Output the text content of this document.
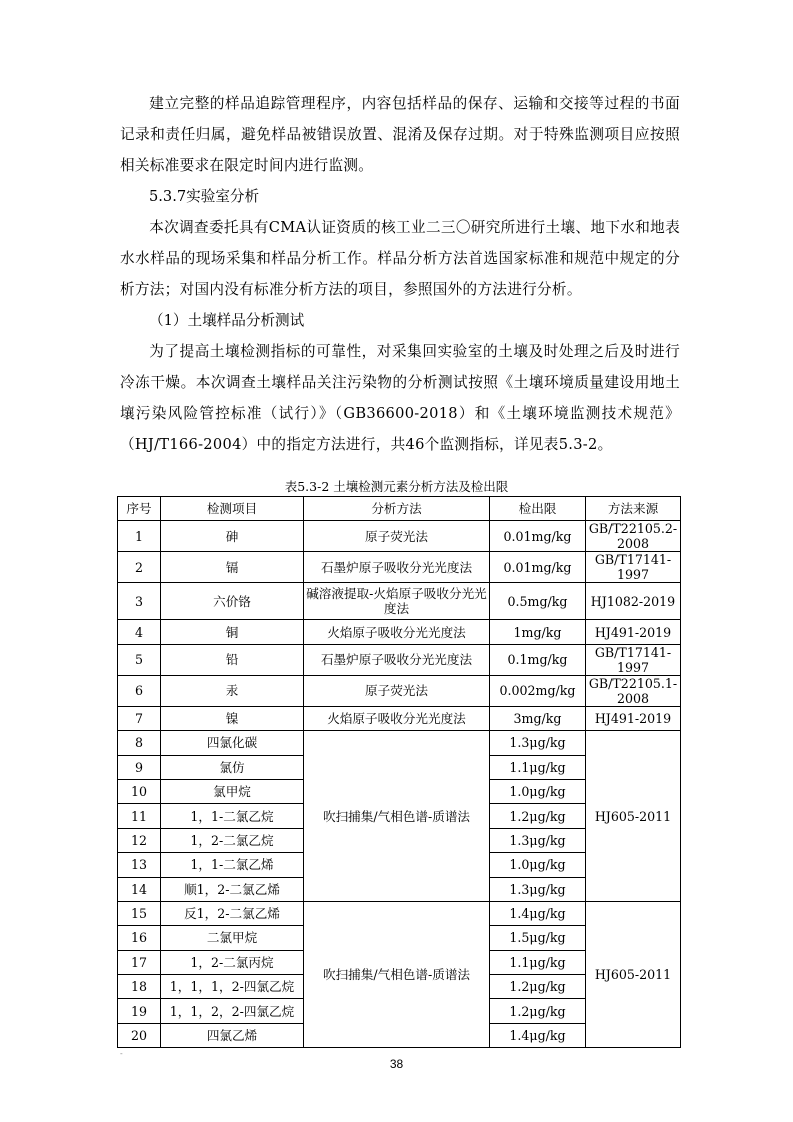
建立完整的样品追踪管理程序，内容包括样品的保存、运输和交接等过程的书面记录和责任归属，避免样品被错误放置、混淆及保存过期。对于特殊监测项目应按照相关标准要求在限定时间内进行监测。

5.3.7实验室分析

本次调查委托具有CMA认证资质的核工业二三〇研究所进行土壤、地下水和地表水水样品的现场采集和样品分析工作。样品分析方法首选国家标准和规范中规定的分析方法；对国内没有标准分析方法的项目，参照国外的方法进行分析。

（1）土壤样品分析测试

为了提高土壤检测指标的可靠性，对采集回实验室的土壤及时处理之后及时进行冷冻干燥。本次调查土壤样品关注污染物的分析测试按照《土壤环境质量建设用地土壤污染风险管控标准（试行）》（GB36600-2018）和《土壤环境监测技术规范》（HJ/T166-2004）中的指定方法进行，共46个监测指标，详见表5.3-2。

表5.3-2 土壤检测元素分析方法及检出限
序号	检测项目	分析方法	检出限	方法来源
1	砷	原子荧光法	0.01mg/kg	GB/T22105.2-2008
2	镉	石墨炉原子吸收分光光度法	0.01mg/kg	GB/T17141-1997
3	六价铬	碱溶液提取-火焰原子吸收分光光度法	0.5mg/kg	HJ1082-2019
4	铜	火焰原子吸收分光光度法	1mg/kg	HJ491-2019
5	铅	石墨炉原子吸收分光光度法	0.1mg/kg	GB/T17141-1997
6	汞	原子荧光法	0.002mg/kg	GB/T22105.1-2008
7	镍	火焰原子吸收分光光度法	3mg/kg	HJ491-2019
8	四氯化碳	吹扫捕集/气相色谱-质谱法	1.3μg/kg	HJ605-2011
9	氯仿		1.1μg/kg	
10	氯甲烷		1.0μg/kg	
11	1，1-二氯乙烷		1.2μg/kg	
12	1，2-二氯乙烷		1.3μg/kg	
13	1，1-二氯乙烯		1.0μg/kg	
14	顺1，2-二氯乙烯		1.3μg/kg	
15	反1，2-二氯乙烯	吹扫捕集/气相色谱-质谱法	1.4μg/kg	HJ605-2011
16	二氯甲烷		1.5μg/kg	
17	1，2-二氯丙烷		1.1μg/kg	
18	1，1，1，2-四氯乙烷		1.2μg/kg	
19	1，1，2，2-四氯乙烷		1.2μg/kg	
20	四氯乙烯		1.4μg/kg	
-
38
